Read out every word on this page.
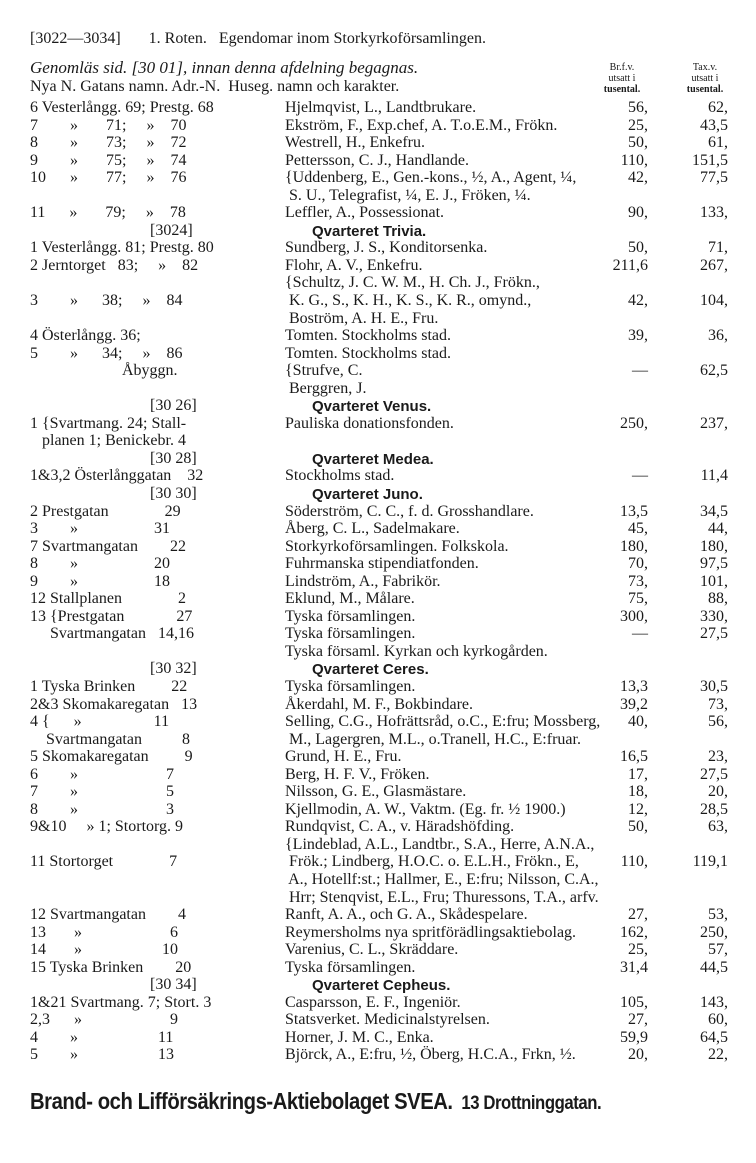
[3022—3034] 1. Roten. Egendomar inom Storkyrkoförsamlingen.
Genomläs sid. [30 01], innan denna afdelning begagnas.
Nya N. Gatans namn. Adr.-N. Huseg. namn och karakter.
Br.f.v.
utsatt i
tusental.
Tax.v.
utsatt i
tusental.
6 Vesterlångg. 69; Prestg. 68	Hjelmqvist, L., Landtbrukare.	56,	62,
7        »       71;     »    70	Ekström, F., Exp.chef, A. T.o.E.M., Frökn.	25,	43,5
8        »       73;     »    72	Westrell, H., Enkefru.	50,	61,
9        »       75;     »    74	Pettersson, C. J., Handlande.	110,	151,5
10      »       77;     »    76	{Uddenberg, E., Gen.-kons., ½, A., Agent, ¼,	42,	77,5
S. U., Telegrafist, ¼, E. J., Fröken, ¼.
11      »       79;     »    78	Leffler, A., Possessionat.	90,	133,
[3024]	Qvarteret Trivia.
1 Vesterlångg. 81; Prestg. 80	Sundberg, J. S., Konditorsenka.	50,	71,
2 Jerntorget   83;     »    82	Flohr, A. V., Enkefru.	211,6	267,
{Schultz, J. C. W. M., H. Ch. J., Frökn.,
3        »      38;     »    84	K. G., S., K. H., K. S., K. R., omynd.,	42,	104,
Boström, A. H. E., Fru.
4 Österlångg. 36;	Tomten. Stockholms stad.	39,	36,
5        »      34;     »    86	Tomten. Stockholms stad.
Åbyggn.	{Strufve, C.	—	62,5
Berggren, J.
[30 26]	Qvarteret Venus.
1 {Svartmang. 24; Stall-	Pauliska donationsfonden.	250,	237,
planen 1; Benickebr. 4
[30 28]	Qvarteret Medea.
1&3,2 Österlånggatan    32	Stockholms stad.	—	11,4
[30 30]	Qvarteret Juno.
2 Prestgatan              29	Söderström, C. C., f. d. Grosshandlare.	13,5	34,5
3        »                   31	Åberg, C. L., Sadelmakare.	45,	44,
7 Svartmangatan        22	Storkyrkoförsamlingen. Folkskola.	180,	180,
8        »                   20	Fuhrmanska stipendiatfonden.	70,	97,5
9        »                   18	Lindström, A., Fabrikör.	73,	101,
12 Stallplanen              2	Eklund, M., Målare.	75,	88,
13 {Prestgatan             27	Tyska församlingen.	300,	330,
Svartmangatan   14,16	Tyska församlingen.	—	27,5
Tyska församl. Kyrkan och kyrkogården.
[30 32]	Qvarteret Ceres.
1 Tyska Brinken         22	Tyska församlingen.	13,3	30,5
2&3 Skomakaregatan   13	Åkerdahl, M. F., Bokbindare.	39,2	73,
4 {      »                  11	Selling, C.G., Hofrättsråd, o.C., E:fru; Mossberg,	40,	56,
Svartmangatan          8	M., Lagergren, M.L., o.Tranell, H.C., E:fruar.
5 Skomakaregatan         9	Grund, H. E., Fru.	16,5	23,
6        »                      7	Berg, H. F. V., Fröken.	17,	27,5
7        »                      5	Nilsson, G. E., Glasmästare.	18,	20,
8        »                      3	Kjellmodin, A. W., Vaktm. (Eg. fr. ½ 1900.)	12,	28,5
9&10     » 1; Stortorg. 9	Rundqvist, C. A., v. Häradshöfding.	50,	63,
{Lindeblad, A.L., Landtbr., S.A., Herre, A.N.A.,
11 Stortorget              7	Frök.; Lindberg, H.O.C. o. E.L.H., Frökn., E,	110,	119,1
A., Hotellf:st.; Hallmer, E., E:fru; Nilsson, C.A.,
Hrr; Stenqvist, E.L., Fru; Thuressons, T.A., arfv.
12 Svartmangatan        4	Ranft, A. A., och G. A., Skådespelare.	27,	53,
13       »                      6	Reymersholms nya spritförädlingsaktiebolag.	162,	250,
14       »                    10	Varenius, C. L., Skräddare.	25,	57,
15 Tyska Brinken        20	Tyska församlingen.	31,4	44,5
[30 34]	Qvarteret Cepheus.
1&21 Svartmang. 7; Stort. 3	Casparsson, E. F., Ingeniör.	105,	143,
2,3      »                      9	Statsverket. Medicinalstyrelsen.	27,	60,
4        »                    11	Horner, J. M. C., Enka.	59,9	64,5
5        »                    13	Björck, A., E:fru, ½, Öberg, H.C.A., Frkn, ½.	20,	22,
Brand- och Lifförsäkrings-Aktiebolaget SVEA. 13 Drottninggatan.
